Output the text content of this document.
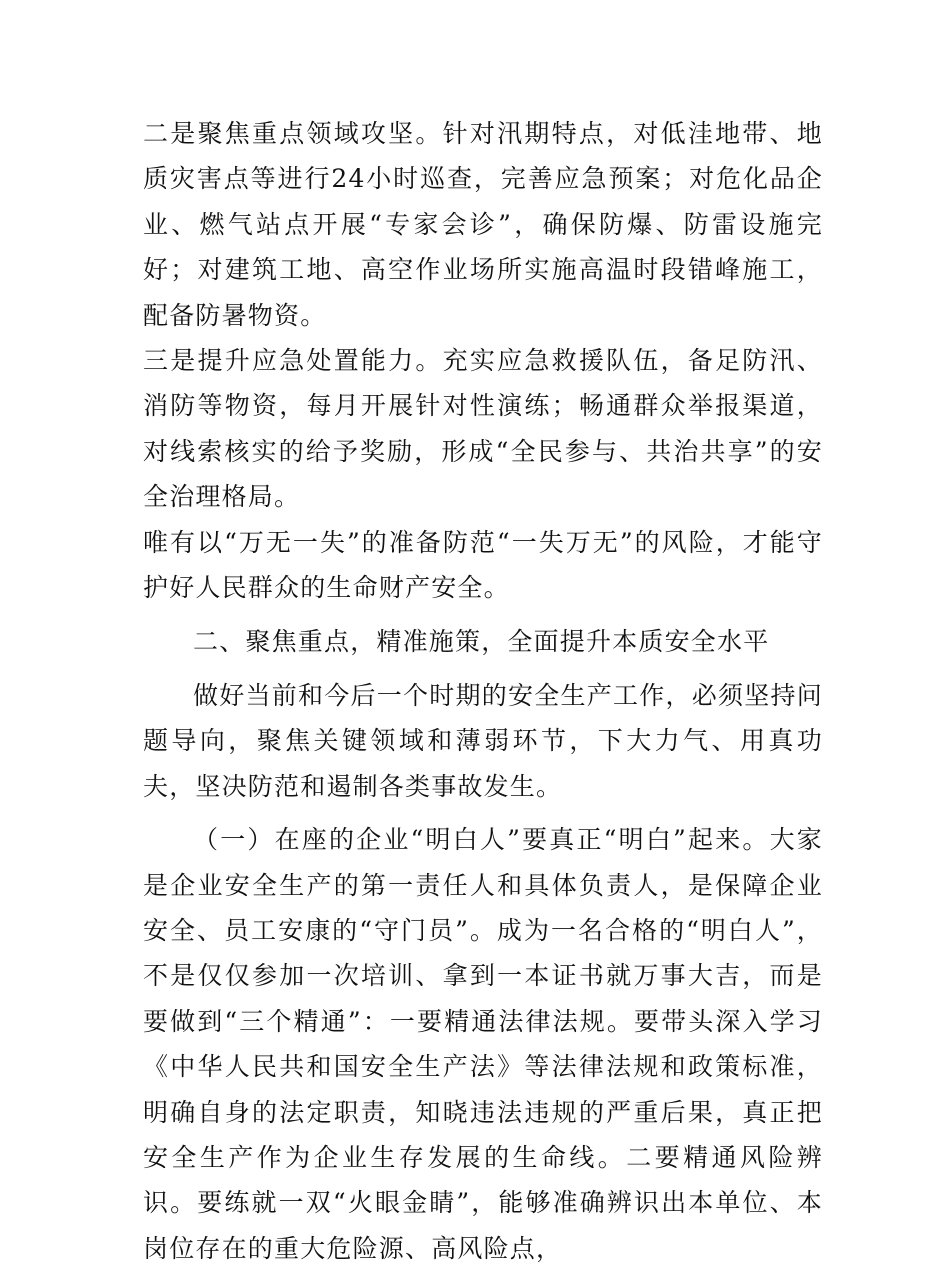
二是聚焦重点领域攻坚。针对汛期特点，对低洼地带、地质灾害点等进行24小时巡查，完善应急预案；对危化品企业、燃气站点开展“专家会诊”，确保防爆、防雷设施完好；对建筑工地、高空作业场所实施高温时段错峰施工，配备防暑物资。

三是提升应急处置能力。充实应急救援队伍，备足防汛、消防等物资，每月开展针对性演练；畅通群众举报渠道，对线索核实的给予奖励，形成“全民参与、共治共享”的安全治理格局。

唯有以“万无一失”的准备防范“一失万无”的风险，才能守护好人民群众的生命财产安全。

二、聚焦重点，精准施策，全面提升本质安全水平

做好当前和今后一个时期的安全生产工作，必须坚持问题导向，聚焦关键领域和薄弱环节，下大力气、用真功夫，坚决防范和遏制各类事故发生。

（一）在座的企业“明白人”要真正“明白”起来。大家是企业安全生产的第一责任人和具体负责人，是保障企业安全、员工安康的“守门员”。成为一名合格的“明白人”，不是仅仅参加一次培训、拿到一本证书就万事大吉，而是要做到“三个精通”：一要精通法律法规。要带头深入学习《中华人民共和国安全生产法》等法律法规和政策标准，明确自身的法定职责，知晓违法违规的严重后果，真正把安全生产作为企业生存发展的生命线。二要精通风险辨识。要练就一双“火眼金睛”，能够准确辨识出本单位、本岗位存在的重大危险源、高风险点，
